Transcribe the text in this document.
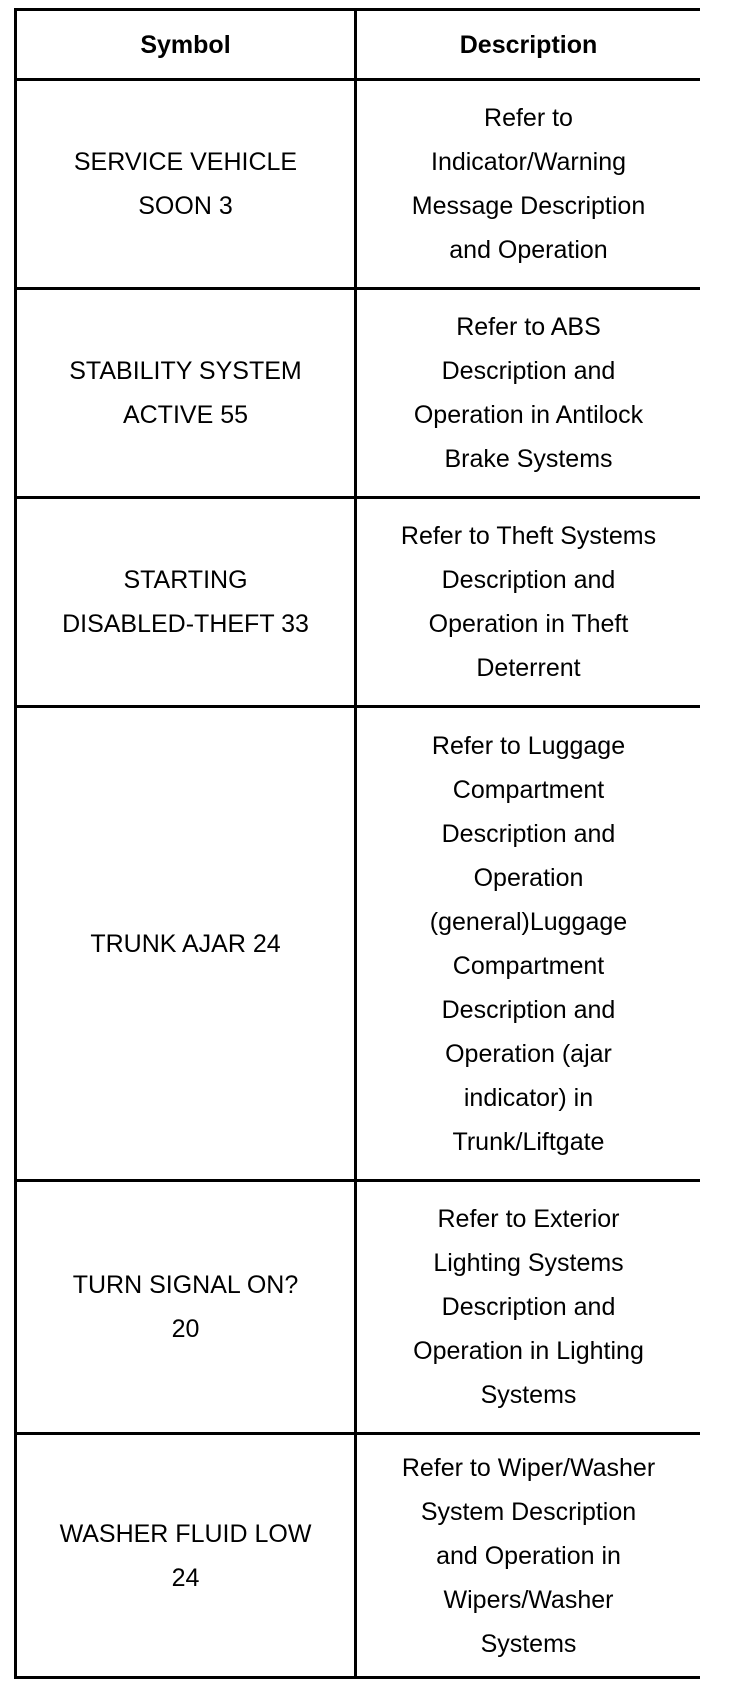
Symbol	Description
SERVICE VEHICLE
SOON 3
Refer to
Indicator/Warning
Message Description
and Operation
STABILITY SYSTEM
ACTIVE 55
Refer to ABS
Description and
Operation in Antilock
Brake Systems
STARTING
DISABLED-THEFT 33
Refer to Theft Systems
Description and
Operation in Theft
Deterrent
TRUNK AJAR 24
Refer to Luggage
Compartment
Description and
Operation
(general)Luggage
Compartment
Description and
Operation (ajar
indicator) in
Trunk/Liftgate
TURN SIGNAL ON?
20
Refer to Exterior
Lighting Systems
Description and
Operation in Lighting
Systems
WASHER FLUID LOW
24
Refer to Wiper/Washer
System Description
and Operation in
Wipers/Washer
Systems
